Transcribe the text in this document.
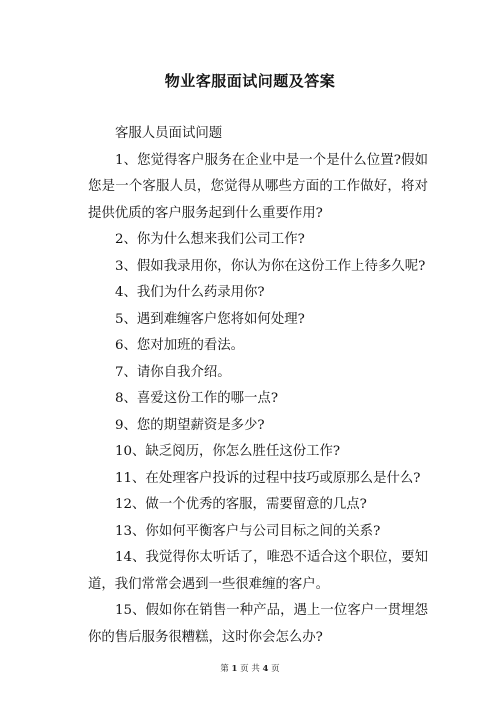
物业客服面试问题及答案

客服人员面试问题

1、您觉得客户服务在企业中是一个是什么位置?假如您是一个客服人员，您觉得从哪些方面的工作做好，将对提供优质的客户服务起到什么重要作用?

2、你为什么想来我们公司工作?

3、假如我录用你，你认为你在这份工作上待多久呢?

4、我们为什么药录用你?

5、遇到难缠客户您将如何处理?

6、您对加班的看法。

7、请你自我介绍。

8、喜爱这份工作的哪一点?

9、您的期望薪资是多少?

10、缺乏阅历，你怎么胜任这份工作?

11、在处理客户投诉的过程中技巧或原那么是什么?

12、做一个优秀的客服，需要留意的几点?

13、你如何平衡客户与公司目标之间的关系?

14、我觉得你太听话了，唯恐不适合这个职位，要知道，我们常常会遇到一些很难缠的客户。

15、假如你在销售一种产品，遇上一位客户一贯埋怨你的售后服务很糟糕，这时你会怎么办?

第 1 页 共 4 页
